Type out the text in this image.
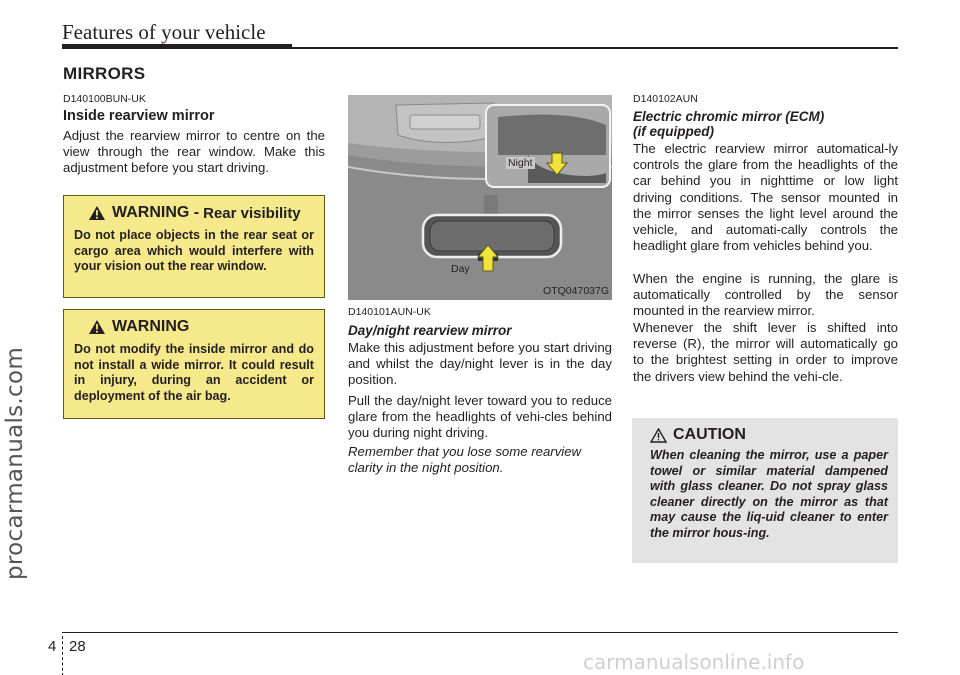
Features of your vehicle
procarmanuals.com
MIRRORS
D140100BUN-UK
Inside rearview mirror
Adjust the rearview mirror to centre on the view through the rear window. Make this adjustment before you start driving.
WARNING - Rear visibility
Do not place objects in the rear seat or cargo area which would interfere with your vision out the rear window.
WARNING
Do not modify the inside mirror and do not install a wide mirror. It could result in injury, during an accident or deployment of the air bag.
Night
Day
OTQ047037G
D140101AUN-UK
Day/night rearview mirror
Make this adjustment before you start driving and whilst the day/night lever is in the day position.
Pull the day/night lever toward you to reduce glare from the headlights of vehi-cles behind you during night driving.
Remember that you lose some rearview clarity in the night position.
D140102AUN
Electric chromic mirror (ECM)
(if equipped)
The electric rearview mirror automatical-ly controls the glare from the headlights of the car behind you in nighttime or low light driving conditions. The sensor mounted in the mirror senses the light level around the vehicle, and automati-cally controls the headlight glare from vehicles behind you.
When the engine is running, the glare is automatically controlled by the sensor mounted in the rearview mirror.
Whenever the shift lever is shifted into reverse (R), the mirror will automatically go to the brightest setting in order to improve the drivers view behind the vehi-cle.
CAUTION
When cleaning the mirror, use a paper towel or similar material dampened with glass cleaner. Do not spray glass cleaner directly on the mirror as that may cause the liq-uid cleaner to enter the mirror hous-ing.
4 28
carmanualsonline.info
